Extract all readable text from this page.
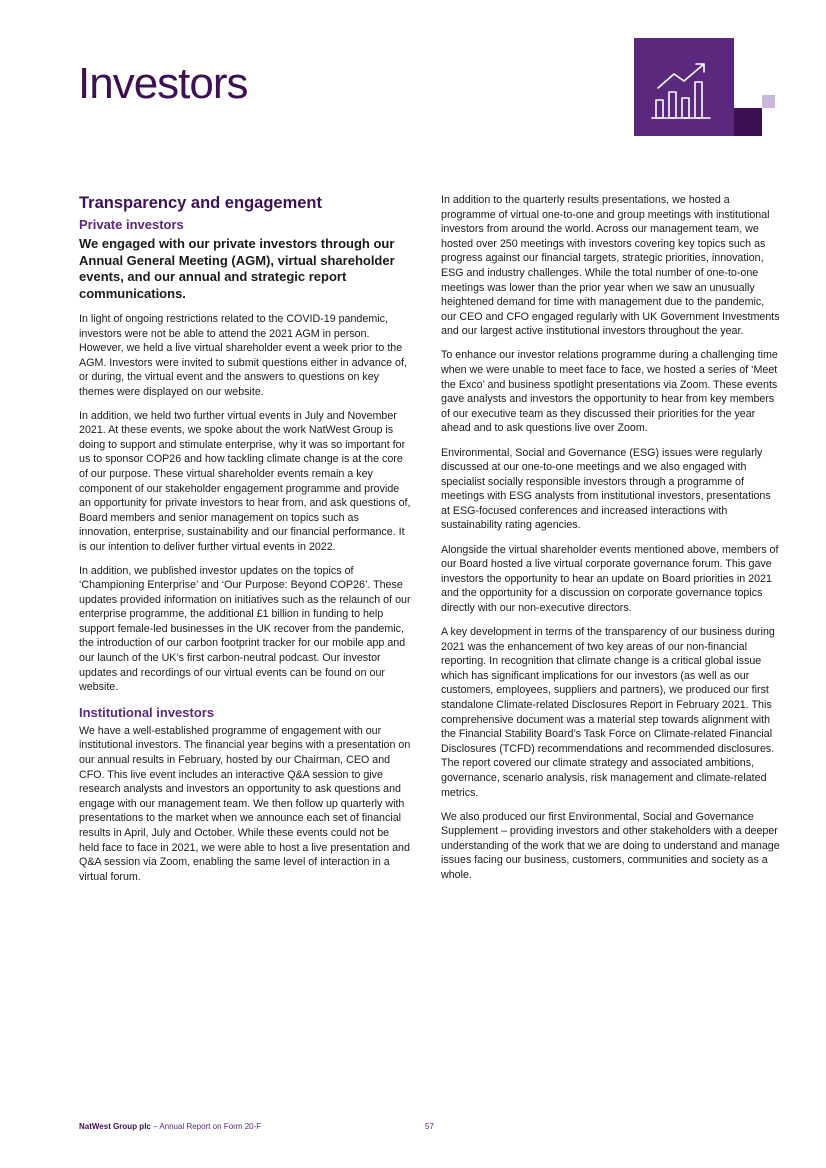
Investors
Transparency and engagement
Private investors

We engaged with our private investors through our Annual General Meeting (AGM), virtual shareholder events, and our annual and strategic report communications.

In light of ongoing restrictions related to the COVID-19 pandemic, investors were not be able to attend the 2021 AGM in person. However, we held a live virtual shareholder event a week prior to the AGM. Investors were invited to submit questions either in advance of, or during, the virtual event and the answers to questions on key themes were displayed on our website.

In addition, we held two further virtual events in July and November 2021. At these events, we spoke about the work NatWest Group is doing to support and stimulate enterprise, why it was so important for us to sponsor COP26 and how tackling climate change is at the core of our purpose. These virtual shareholder events remain a key component of our stakeholder engagement programme and provide an opportunity for private investors to hear from, and ask questions of, Board members and senior management on topics such as innovation, enterprise, sustainability and our financial performance. It is our intention to deliver further virtual events in 2022.

In addition, we published investor updates on the topics of ‘Championing Enterprise’ and ‘Our Purpose: Beyond COP26’. These updates provided information on initiatives such as the relaunch of our enterprise programme, the additional £1 billion in funding to help support female-led businesses in the UK recover from the pandemic, the introduction of our carbon footprint tracker for our mobile app and our launch of the UK’s first carbon-neutral podcast. Our investor updates and recordings of our virtual events can be found on our website.

Institutional investors

We have a well-established programme of engagement with our institutional investors. The financial year begins with a presentation on our annual results in February, hosted by our Chairman, CEO and CFO. This live event includes an interactive Q&A session to give research analysts and investors an opportunity to ask questions and engage with our management team. We then follow up quarterly with presentations to the market when we announce each set of financial results in April, July and October. While these events could not be held face to face in 2021, we were able to host a live presentation and Q&A session via Zoom, enabling the same level of interaction in a virtual forum.

In addition to the quarterly results presentations, we hosted a programme of virtual one-to-one and group meetings with institutional investors from around the world. Across our management team, we hosted over 250 meetings with investors covering key topics such as progress against our financial targets, strategic priorities, innovation, ESG and industry challenges. While the total number of one-to-one meetings was lower than the prior year when we saw an unusually heightened demand for time with management due to the pandemic, our CEO and CFO engaged regularly with UK Government Investments and our largest active institutional investors throughout the year.

To enhance our investor relations programme during a challenging time when we were unable to meet face to face, we hosted a series of ‘Meet the Exco’ and business spotlight presentations via Zoom. These events gave analysts and investors the opportunity to hear from key members of our executive team as they discussed their priorities for the year ahead and to ask questions live over Zoom.

Environmental, Social and Governance (ESG) issues were regularly discussed at our one-to-one meetings and we also engaged with specialist socially responsible investors through a programme of meetings with ESG analysts from institutional investors, presentations at ESG-focused conferences and increased interactions with sustainability rating agencies.

Alongside the virtual shareholder events mentioned above, members of our Board hosted a live virtual corporate governance forum. This gave investors the opportunity to hear an update on Board priorities in 2021 and the opportunity for a discussion on corporate governance topics directly with our non-executive directors.

A key development in terms of the transparency of our business during 2021 was the enhancement of two key areas of our non-financial reporting. In recognition that climate change is a critical global issue which has significant implications for our investors (as well as our customers, employees, suppliers and partners), we produced our first standalone Climate-related Disclosures Report in February 2021. This comprehensive document was a material step towards alignment with the Financial Stability Board’s Task Force on Climate-related Financial Disclosures (TCFD) recommendations and recommended disclosures. The report covered our climate strategy and associated ambitions, governance, scenario analysis, risk management and climate-related metrics.

We also produced our first Environmental, Social and Governance Supplement – providing investors and other stakeholders with a deeper understanding of the work that we are doing to understand and manage issues facing our business, customers, communities and society as a whole.

NatWest Group plc – Annual Report on Form 20-F	57
